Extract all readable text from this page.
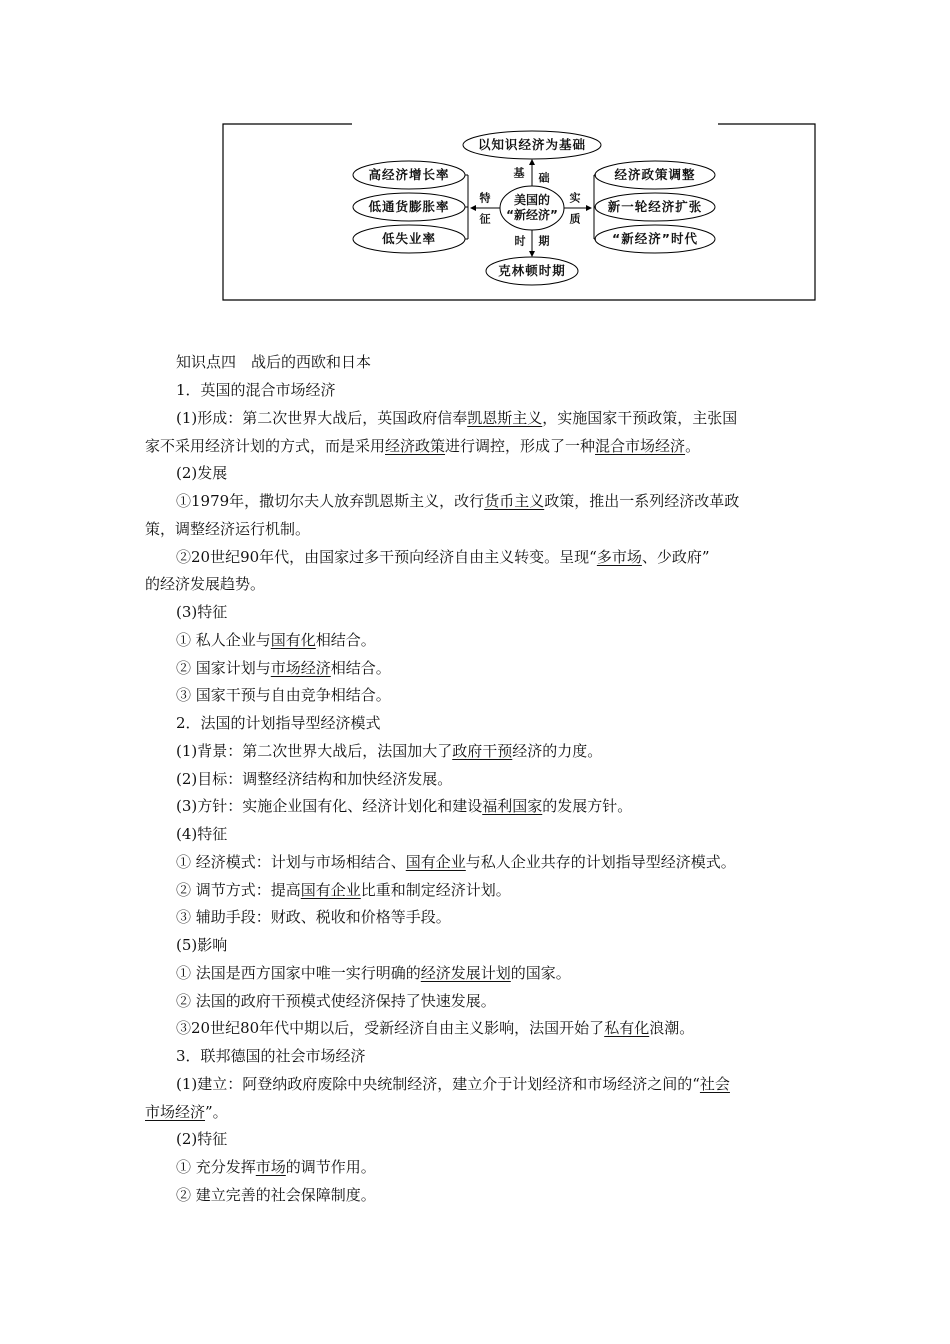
以知识经济为基础
美国的
“新经济”
克林顿时期
高经济增长率
低通货膨胀率
低失业率
经济政策调整
新一轮经济扩张
“新经济”时代
基 础
特
征
实
质
时 期
知识点四　战后的西欧和日本
1．英国的混合市场经济
(1)形成：第二次世界大战后，英国政府信奉凯恩斯主义，实施国家干预政策，主张国
家不采用经济计划的方式，而是采用经济政策进行调控，形成了一种混合市场经济。
(2)发展
①1979年，撒切尔夫人放弃凯恩斯主义，改行货币主义政策，推出一系列经济改革政
策，调整经济运行机制。
②20世纪90年代，由国家过多干预向经济自由主义转变。呈现“多市场、少政府”
的经济发展趋势。
(3)特征
① 私人企业与国有化相结合。
② 国家计划与市场经济相结合。
③ 国家干预与自由竞争相结合。
2．法国的计划指导型经济模式
(1)背景：第二次世界大战后，法国加大了政府干预经济的力度。
(2)目标：调整经济结构和加快经济发展。
(3)方针：实施企业国有化、经济计划化和建设福利国家的发展方针。
(4)特征
① 经济模式：计划与市场相结合、国有企业与私人企业共存的计划指导型经济模式。
② 调节方式：提高国有企业比重和制定经济计划。
③ 辅助手段：财政、税收和价格等手段。
(5)影响
① 法国是西方国家中唯一实行明确的经济发展计划的国家。
② 法国的政府干预模式使经济保持了快速发展。
③20世纪80年代中期以后，受新经济自由主义影响，法国开始了私有化浪潮。
3．联邦德国的社会市场经济
(1)建立：阿登纳政府废除中央统制经济，建立介于计划经济和市场经济之间的“社会
市场经济”。
(2)特征
① 充分发挥市场的调节作用。
② 建立完善的社会保障制度。
